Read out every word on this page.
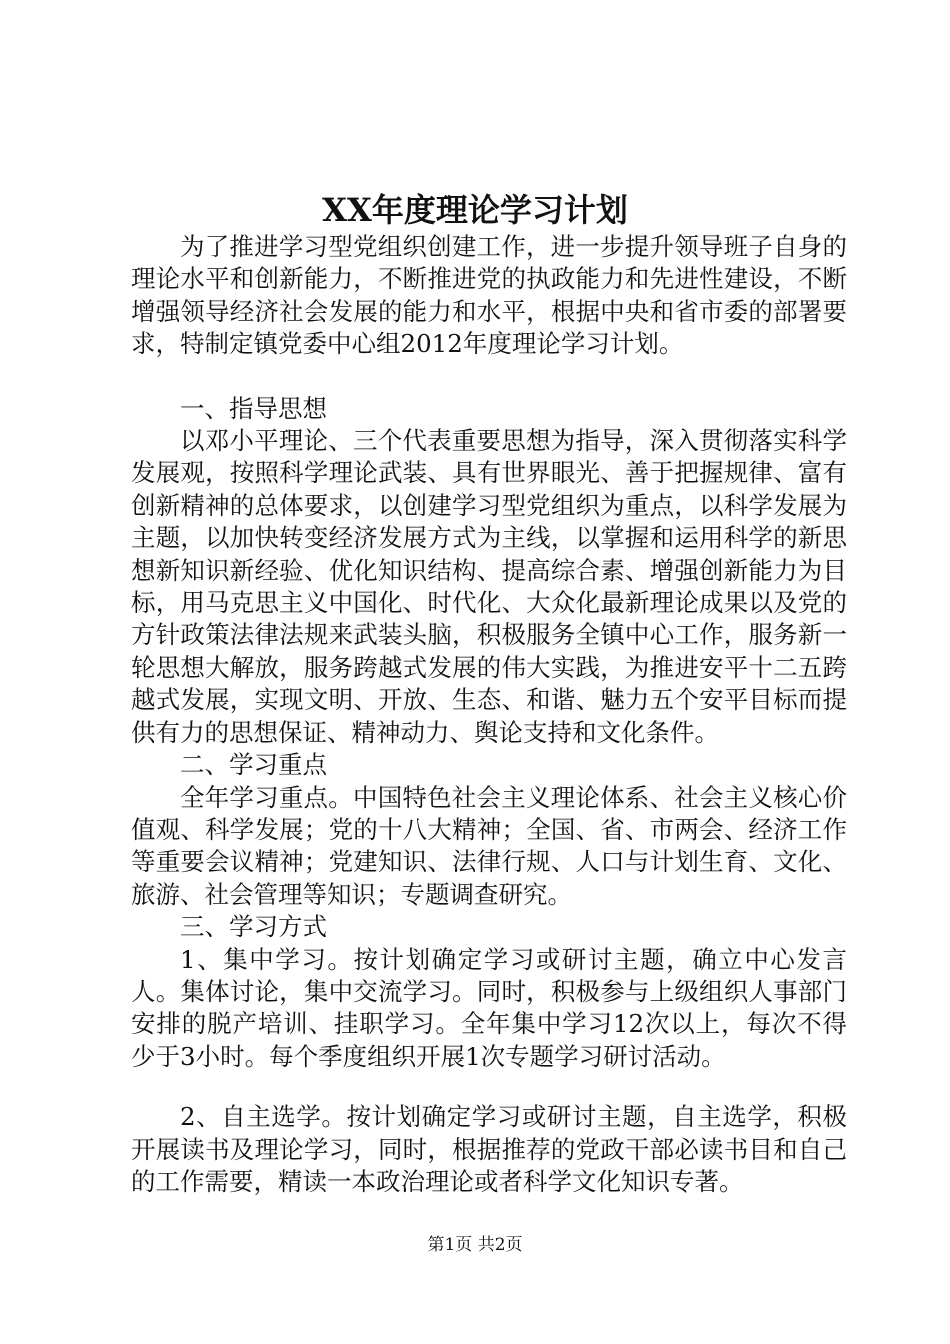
XX年度理论学习计划

为了推进学习型党组织创建工作，进一步提升领导班子自身的理论水平和创新能力，不断推进党的执政能力和先进性建设，不断增强领导经济社会发展的能力和水平，根据中央和省市委的部署要求，特制定镇党委中心组2012年度理论学习计划。

一、指导思想

以邓小平理论、三个代表重要思想为指导，深入贯彻落实科学发展观，按照科学理论武装、具有世界眼光、善于把握规律、富有创新精神的总体要求，以创建学习型党组织为重点，以科学发展为主题，以加快转变经济发展方式为主线，以掌握和运用科学的新思想新知识新经验、优化知识结构、提高综合素、增强创新能力为目标，用马克思主义中国化、时代化、大众化最新理论成果以及党的方针政策法律法规来武装头脑，积极服务全镇中心工作，服务新一轮思想大解放，服务跨越式发展的伟大实践，为推进安平十二五跨越式发展，实现文明、开放、生态、和谐、魅力五个安平目标而提供有力的思想保证、精神动力、舆论支持和文化条件。

二、学习重点

全年学习重点。中国特色社会主义理论体系、社会主义核心价值观、科学发展；党的十八大精神；全国、省、市两会、经济工作等重要会议精神；党建知识、法律行规、人口与计划生育、文化、旅游、社会管理等知识；专题调查研究。

三、学习方式

1、集中学习。按计划确定学习或研讨主题，确立中心发言人。集体讨论，集中交流学习。同时，积极参与上级组织人事部门安排的脱产培训、挂职学习。全年集中学习12次以上，每次不得少于3小时。每个季度组织开展1次专题学习研讨活动。

2、自主选学。按计划确定学习或研讨主题，自主选学，积极开展读书及理论学习，同时，根据推荐的党政干部必读书目和自己的工作需要，精读一本政治理论或者科学文化知识专著。

第1页 共2页
